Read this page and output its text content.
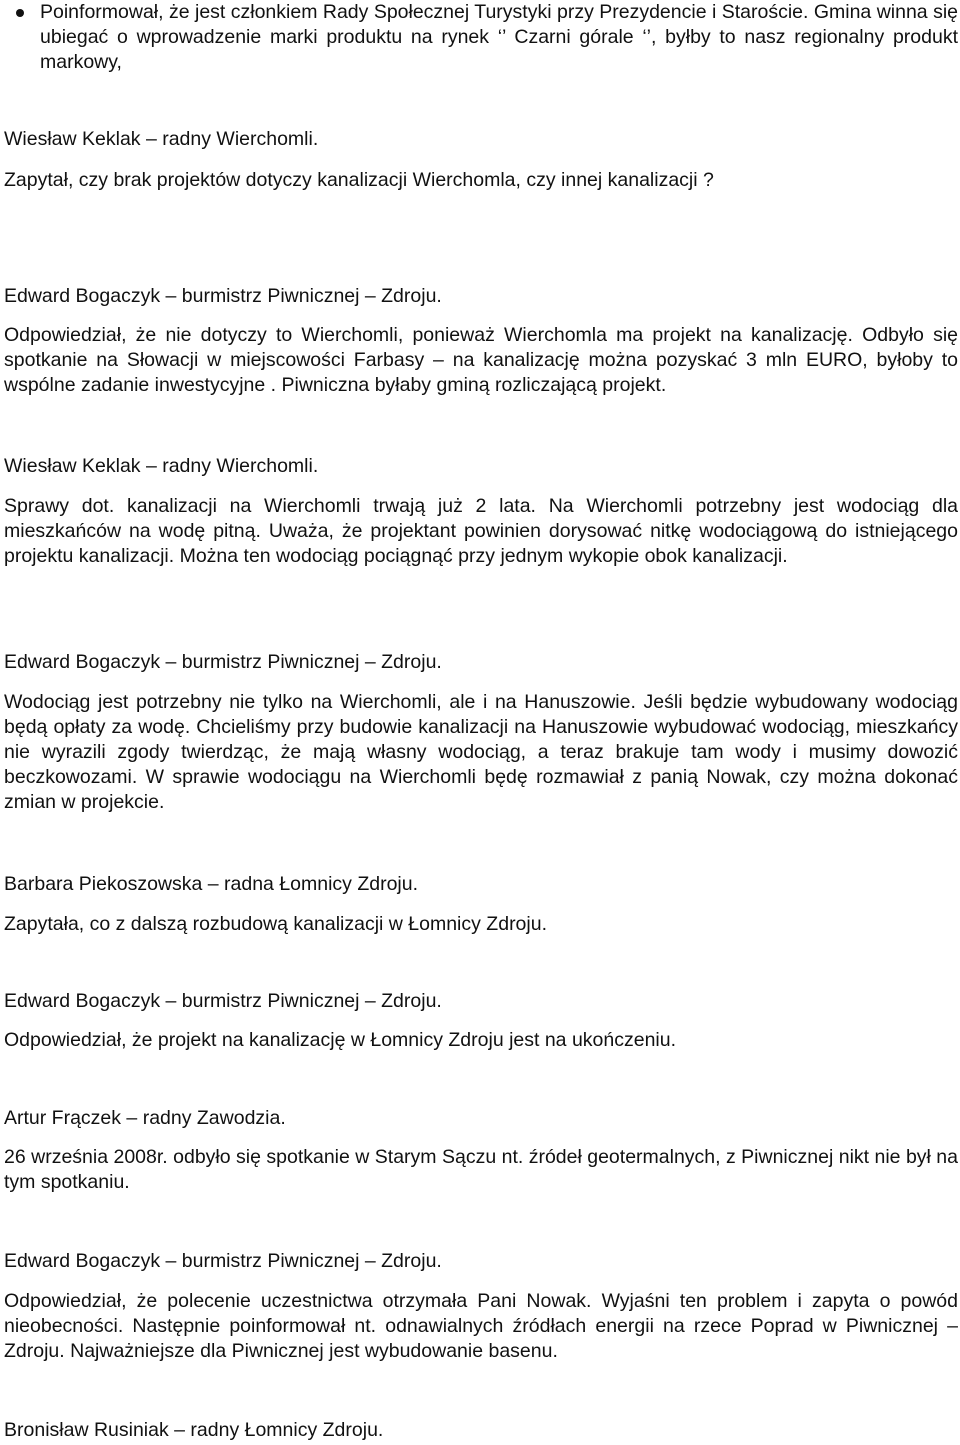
Poinformował, że jest członkiem Rady Społecznej Turystyki przy Prezydencie i Staroście. Gmina winna się ubiegać o wprowadzenie marki produktu na rynek ‘’ Czarni górale ‘’, byłby to nasz regionalny produkt markowy,

Wiesław Keklak – radny Wierchomli.

Zapytał, czy brak projektów dotyczy kanalizacji Wierchomla, czy innej kanalizacji ?

Edward Bogaczyk – burmistrz Piwnicznej – Zdroju.

Odpowiedział, że nie dotyczy to Wierchomli, ponieważ Wierchomla ma projekt na kanalizację. Odbyło się spotkanie na Słowacji w miejscowości Farbasy – na kanalizację można pozyskać 3 mln EURO, byłoby to wspólne zadanie inwestycyjne . Piwniczna byłaby gminą rozliczającą projekt.

Wiesław Keklak – radny Wierchomli.

Sprawy dot. kanalizacji na Wierchomli trwają już 2 lata. Na Wierchomli potrzebny jest wodociąg dla mieszkańców na wodę pitną. Uważa, że projektant powinien dorysować nitkę wodociągową do istniejącego projektu kanalizacji. Można ten wodociąg pociągnąć przy jednym wykopie obok kanalizacji.

Edward Bogaczyk – burmistrz Piwnicznej – Zdroju.

Wodociąg jest potrzebny nie tylko na Wierchomli, ale i na Hanuszowie. Jeśli będzie wybudowany wodociąg będą opłaty za wodę. Chcieliśmy przy budowie kanalizacji na Hanuszowie wybudować wodociąg, mieszkańcy nie wyrazili zgody twierdząc, że mają własny wodociąg, a teraz brakuje tam wody i musimy dowozić beczkowozami. W sprawie wodociągu na Wierchomli będę rozmawiał z panią Nowak, czy można dokonać zmian w projekcie.

Barbara Piekoszowska – radna Łomnicy Zdroju.

Zapytała, co z dalszą rozbudową kanalizacji w Łomnicy Zdroju.

Edward Bogaczyk – burmistrz Piwnicznej – Zdroju.

Odpowiedział, że projekt na kanalizację w Łomnicy Zdroju jest na ukończeniu.

Artur Frączek – radny Zawodzia.

26 września 2008r. odbyło się spotkanie w Starym Sączu nt. źródeł geotermalnych, z Piwnicznej nikt nie był na tym spotkaniu.

Edward Bogaczyk – burmistrz Piwnicznej – Zdroju.

Odpowiedział, że polecenie uczestnictwa otrzymała Pani Nowak. Wyjaśni ten problem i zapyta o powód nieobecności. Następnie poinformował nt. odnawialnych źródłach energii na rzece Poprad w Piwnicznej – Zdroju. Najważniejsze dla Piwnicznej jest wybudowanie basenu.

Bronisław Rusiniak – radny Łomnicy Zdroju.
